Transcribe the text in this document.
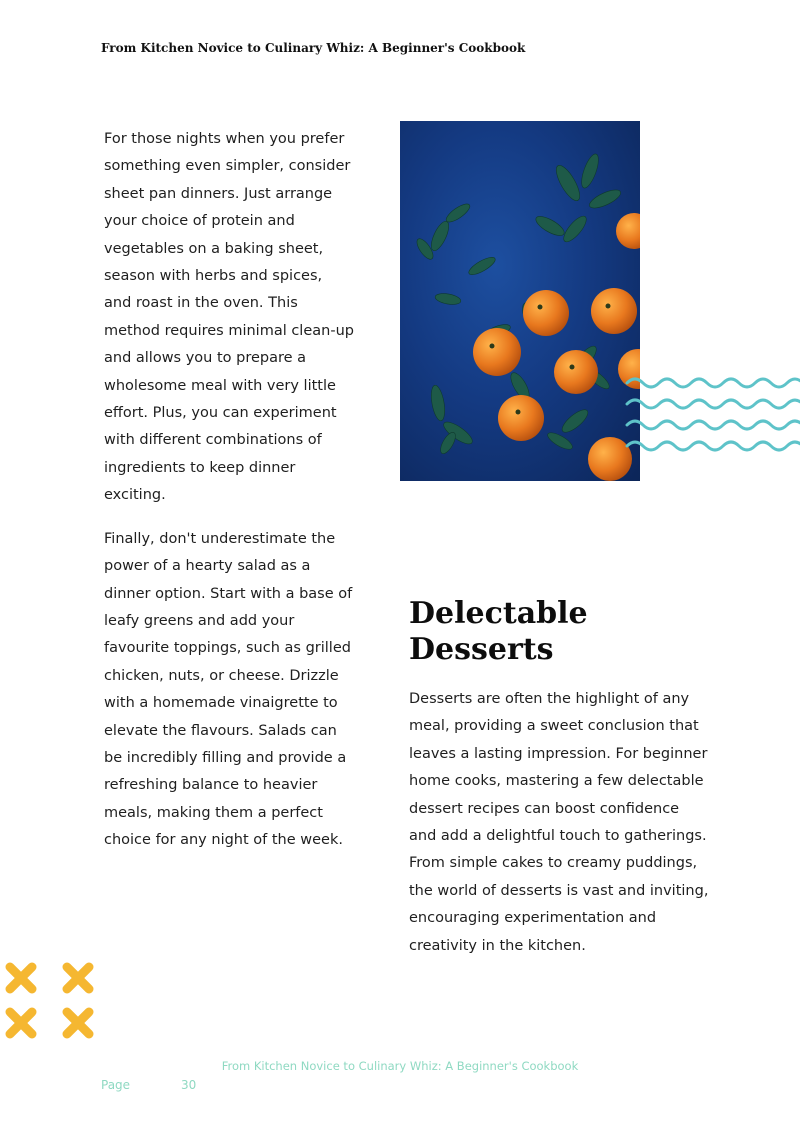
From Kitchen Novice to Culinary Whiz: A Beginner's Cookbook

For those nights when you prefer something even simpler, consider sheet pan dinners. Just arrange your choice of protein and vegetables on a baking sheet, season with herbs and spices, and roast in the oven. This method requires minimal clean-up and allows you to prepare a wholesome meal with very little effort. Plus, you can experiment with different combinations of ingredients to keep dinner exciting.

Finally, don't underestimate the power of a hearty salad as a dinner option. Start with a base of leafy greens and add your favourite toppings, such as grilled chicken, nuts, or cheese. Drizzle with a homemade vinaigrette to elevate the flavours. Salads can be incredibly filling and provide a refreshing balance to heavier meals, making them a perfect choice for any night of the week.

Delectable Desserts

Desserts are often the highlight of any meal, providing a sweet conclusion that leaves a lasting impression. For beginner home cooks, mastering a few delectable dessert recipes can boost confidence and add a delightful touch to gatherings. From simple cakes to creamy puddings, the world of desserts is vast and inviting, encouraging experimentation and creativity in the kitchen.

From Kitchen Novice to Culinary Whiz: A Beginner's Cookbook
Page	30
